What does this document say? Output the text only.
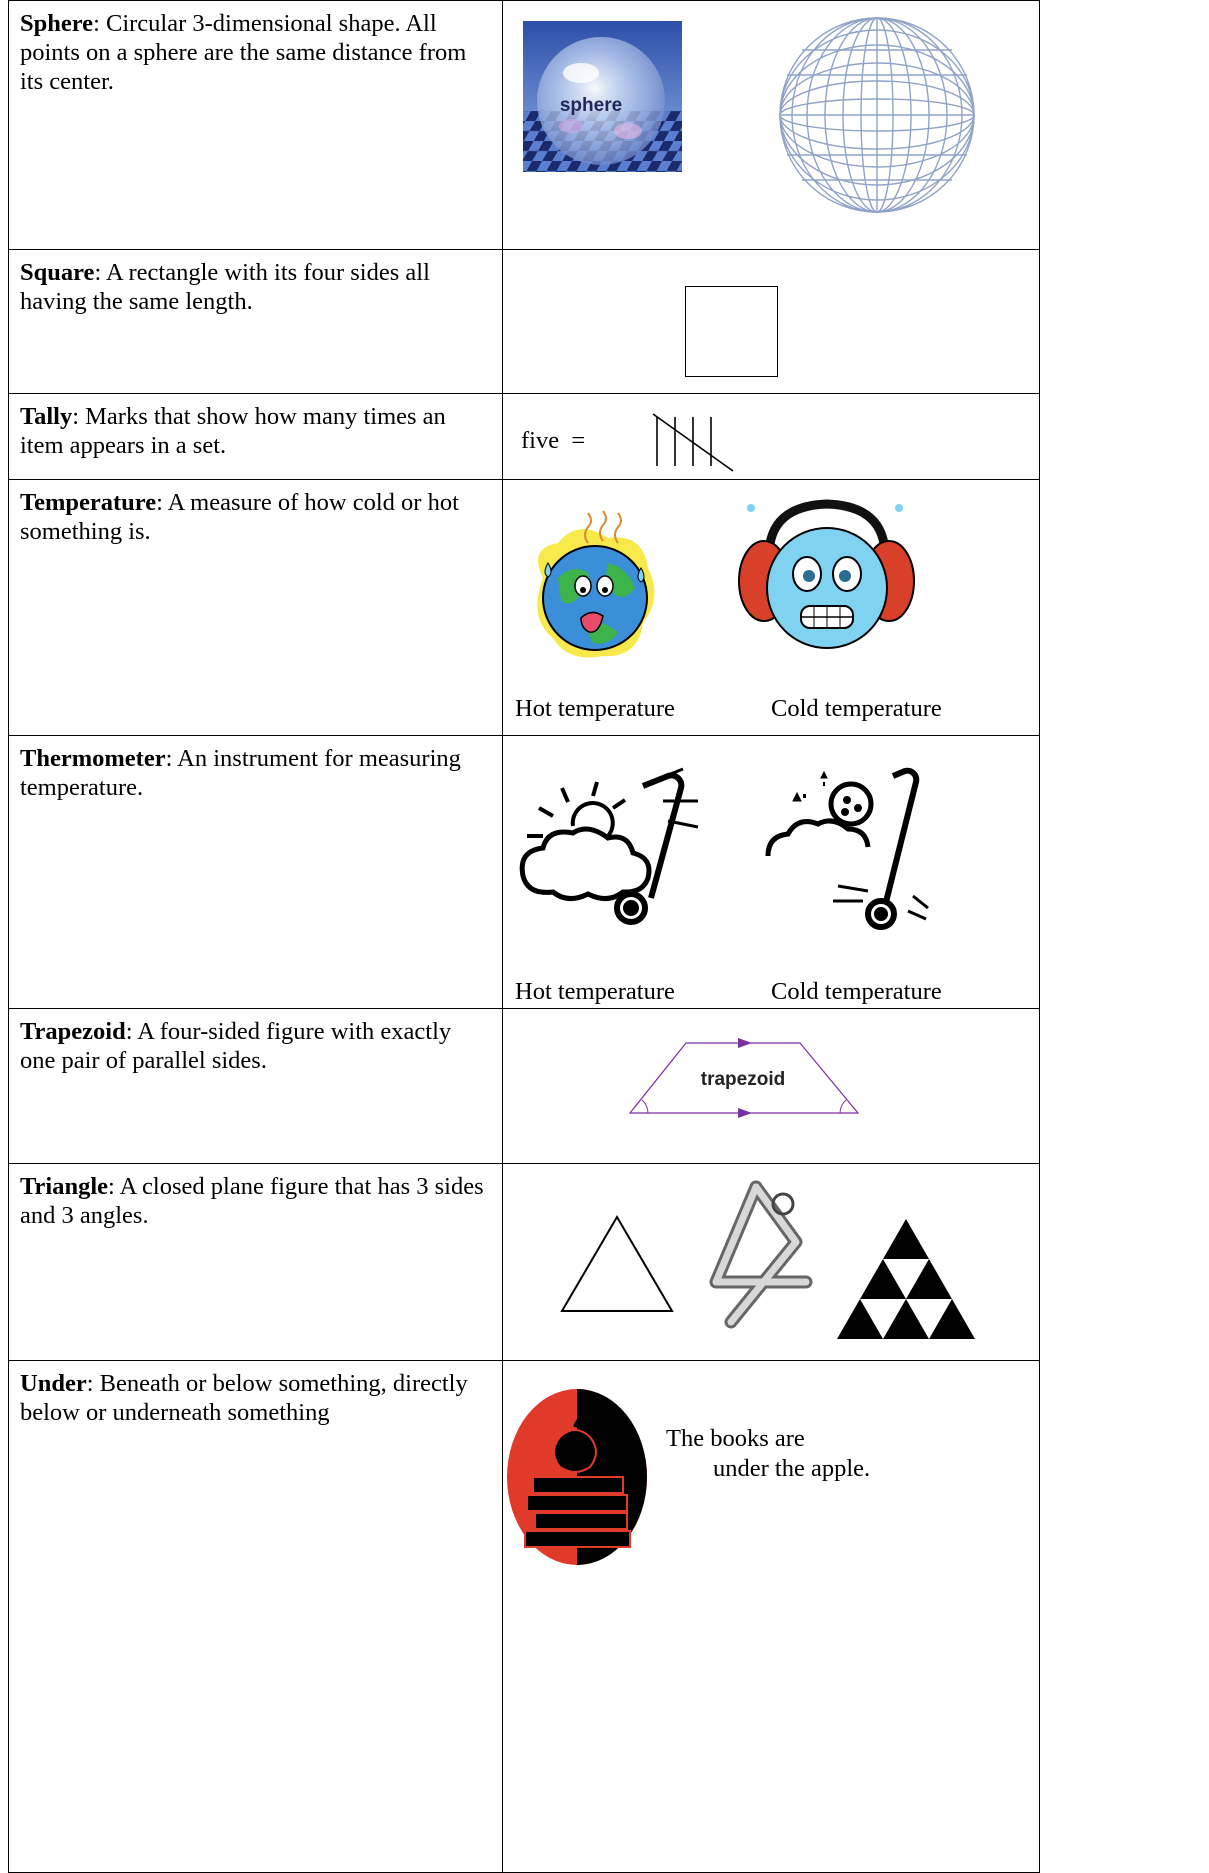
Sphere: Circular 3-dimensional shape. All points on a sphere are the same distance from its center.	sphere

Square: A rectangle with its four sides all having the same length.	

Tally: Marks that show how many times an item appears in a set.	five  =

Temperature: A measure of how cold or hot something is.	Hot temperature Cold temperature

Thermometer: An instrument for measuring temperature.	Hot temperature Cold temperature

Trapezoid: A four-sided figure with exactly one pair of parallel sides.	trapezoid

Triangle: A closed plane figure that has 3 sides and 3 angles.	

Under: Beneath or below something, directly below or underneath something	The books are
under the apple.
